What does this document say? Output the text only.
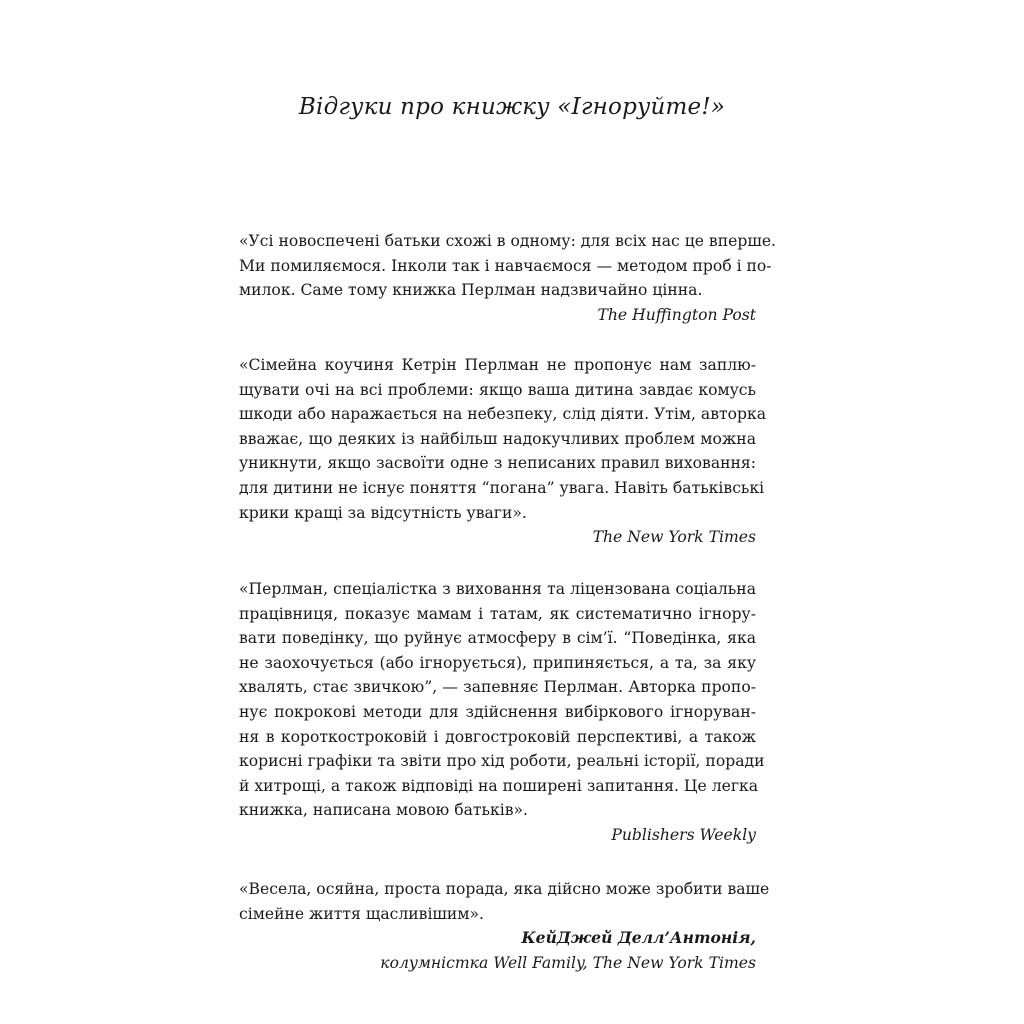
Відгуки про книжку «Ігноруйте!»

«Усі новоспечені батьки схожі в одному: для всіх нас це вперше.
Ми помиляємося. Інколи так і навчаємося — методом проб і по-
милок. Саме тому книжка Перлман надзвичайно цінна.

The Huffington Post

«Сімейна коучиня Кетрін Перлман не пропонує нам заплю-
щувати очі на всі проблеми: якщо ваша дитина завдає комусь
шкоди або наражається на небезпеку, слід діяти. Утім, авторка
вважає, що деяких із найбільш надокучливих проблем можна
уникнути, якщо засвоїти одне з неписаних правил виховання:
для дитини не існує поняття “погана” увага. Навіть батьківські
крики кращі за відсутність уваги».

The New York Times

«Перлман, спеціалістка з виховання та ліцензована соціальна
працівниця, показує мамам і татам, як систематично ігнору-
вати поведінку, що руйнує атмосферу в сім’ї. “Поведінка, яка
не заохочується (або ігнорується), припиняється, а та, за яку
хвалять, стає звичкою”, — запевняє Перлман. Авторка пропо-
нує покрокові методи для здійснення вибіркового ігноруван-
ня в короткостроковій і довгостроковій перспективі, а також
корисні графіки та звіти про хід роботи, реальні історії, поради
й хитрощі, а також відповіді на поширені запитання. Це легка
книжка, написана мовою батьків».

Publishers Weekly

«Весела, осяйна, проста порада, яка дійсно може зробити ваше
сімейне життя щасливішим».

КейДжей Делл’Антонія,

колумністка Well Family, The New York Times
